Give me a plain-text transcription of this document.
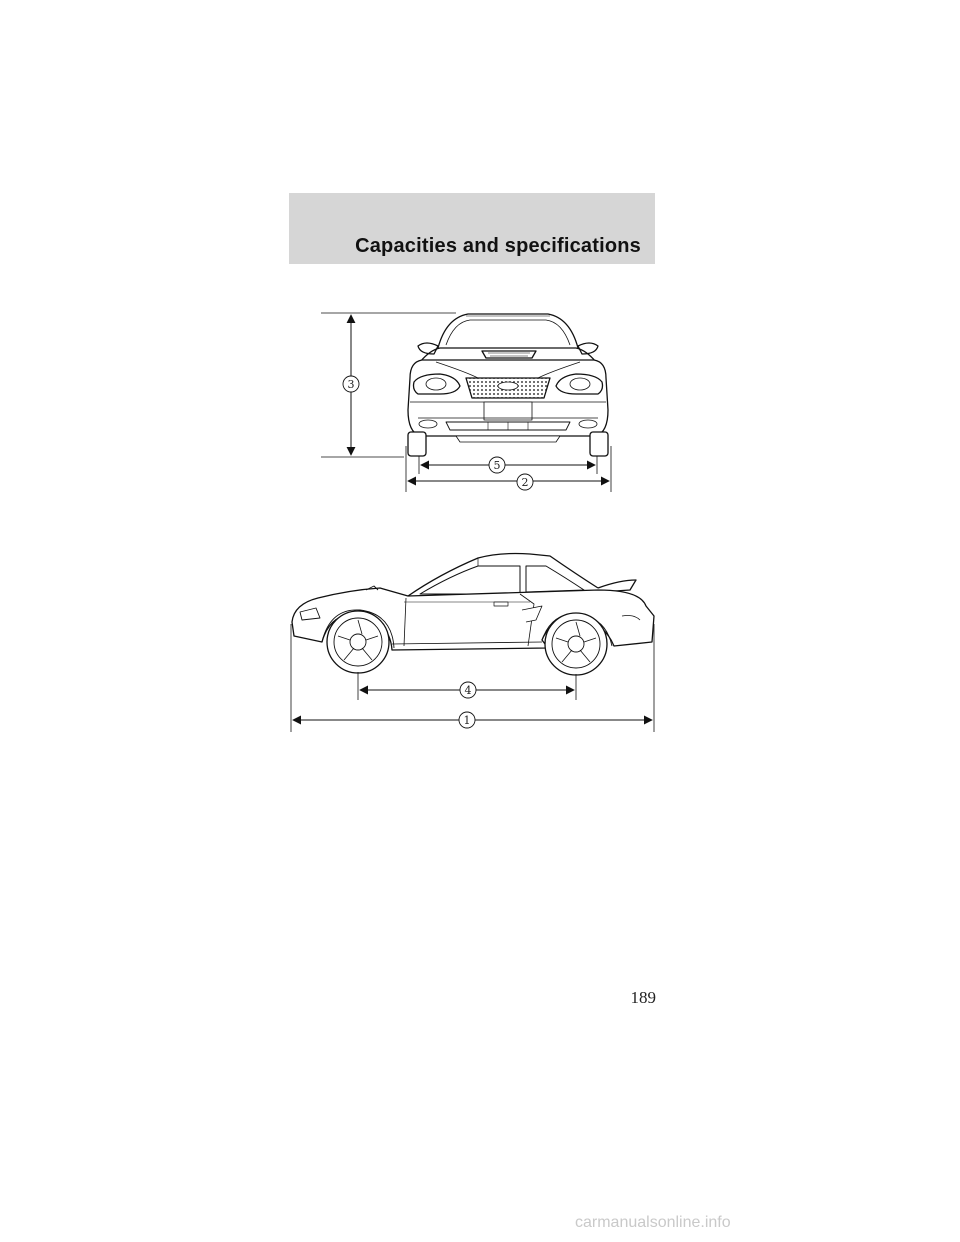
Capacities and specifications
3
5
2
4
1
189
carmanualsonline.info
